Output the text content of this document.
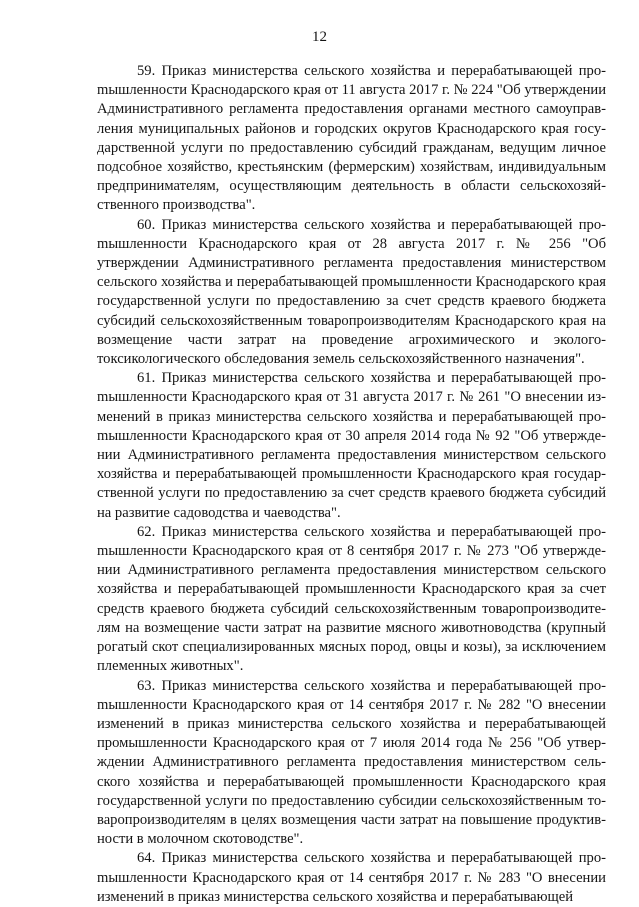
12

59. Приказ министерства сельского хозяйства и перерабатывающей проmышленности Краснодарского края от 11 августа 2017 г. № 224 "Об утверждении Административного регламента предоставления органами местного самоуправления муниципальных районов и городских округов Краснодарского края государственной услуги по предоставлению субсидий гражданам, ведущим личное подсобное хозяйство, крестьянским (фермерским) хозяйствам, индивидуальным предпринимателям, осуществляющим деятельность в области сельскохозяйственного производства".

60. Приказ министерства сельского хозяйства и перерабатывающей проmышленности Краснодарского края от 28 августа 2017 г. № 256 "Об утверждении Административного регламента предоставления министерством сельского хозяйства и перерабатывающей промышленности Краснодарского края государственной услуги по предоставлению за счет средств краевого бюджета субсидий сельскохозяйственным товаропроизводителям Краснодарского края на возмещение части затрат на проведение агрохимического и эколого-токсикологического обследования земель сельскохозяйственного назначения".

61. Приказ министерства сельского хозяйства и перерабатывающей проmышленности Краснодарского края от 31 августа 2017 г. № 261 "О внесении изменений в приказ министерства сельского хозяйства и перерабатывающей проmышленности Краснодарского края от 30 апреля 2014 года № 92 "Об утверждении Административного регламента предоставления министерством сельского хозяйства и перерабатывающей промышленности Краснодарского края государственной услуги по предоставлению за счет средств краевого бюджета субсидий на развитие садоводства и чаеводства".

62. Приказ министерства сельского хозяйства и перерабатывающей проmышленности Краснодарского края от 8 сентября 2017 г. № 273 "Об утверждении Административного регламента предоставления министерством сельского хозяйства и перерабатывающей промышленности Краснодарского края за счет средств краевого бюджета субсидий сельскохозяйственным товаропроизводителям на возмещение части затрат на развитие мясного животноводства (крупный рогатый скот специализированных мясных пород, овцы и козы), за исключением племенных животных".

63. Приказ министерства сельского хозяйства и перерабатывающей проmышленности Краснодарского края от 14 сентября 2017 г. № 282 "О внесении изменений в приказ министерства сельского хозяйства и перерабатывающей промышленности Краснодарского края от 7 июля 2014 года № 256 "Об утверждении Административного регламента предоставления министерством сельского хозяйства и перерабатывающей промышленности Краснодарского края государственной услуги по предоставлению субсидии сельскохозяйственным товаропроизводителям в целях возмещения части затрат на повышение продуктивности в молочном скотоводстве".

64. Приказ министерства сельского хозяйства и перерабатывающей проmышленности Краснодарского края от 14 сентября 2017 г. № 283 "О внесении изменений в приказ министерства сельского хозяйства и перерабатывающей
